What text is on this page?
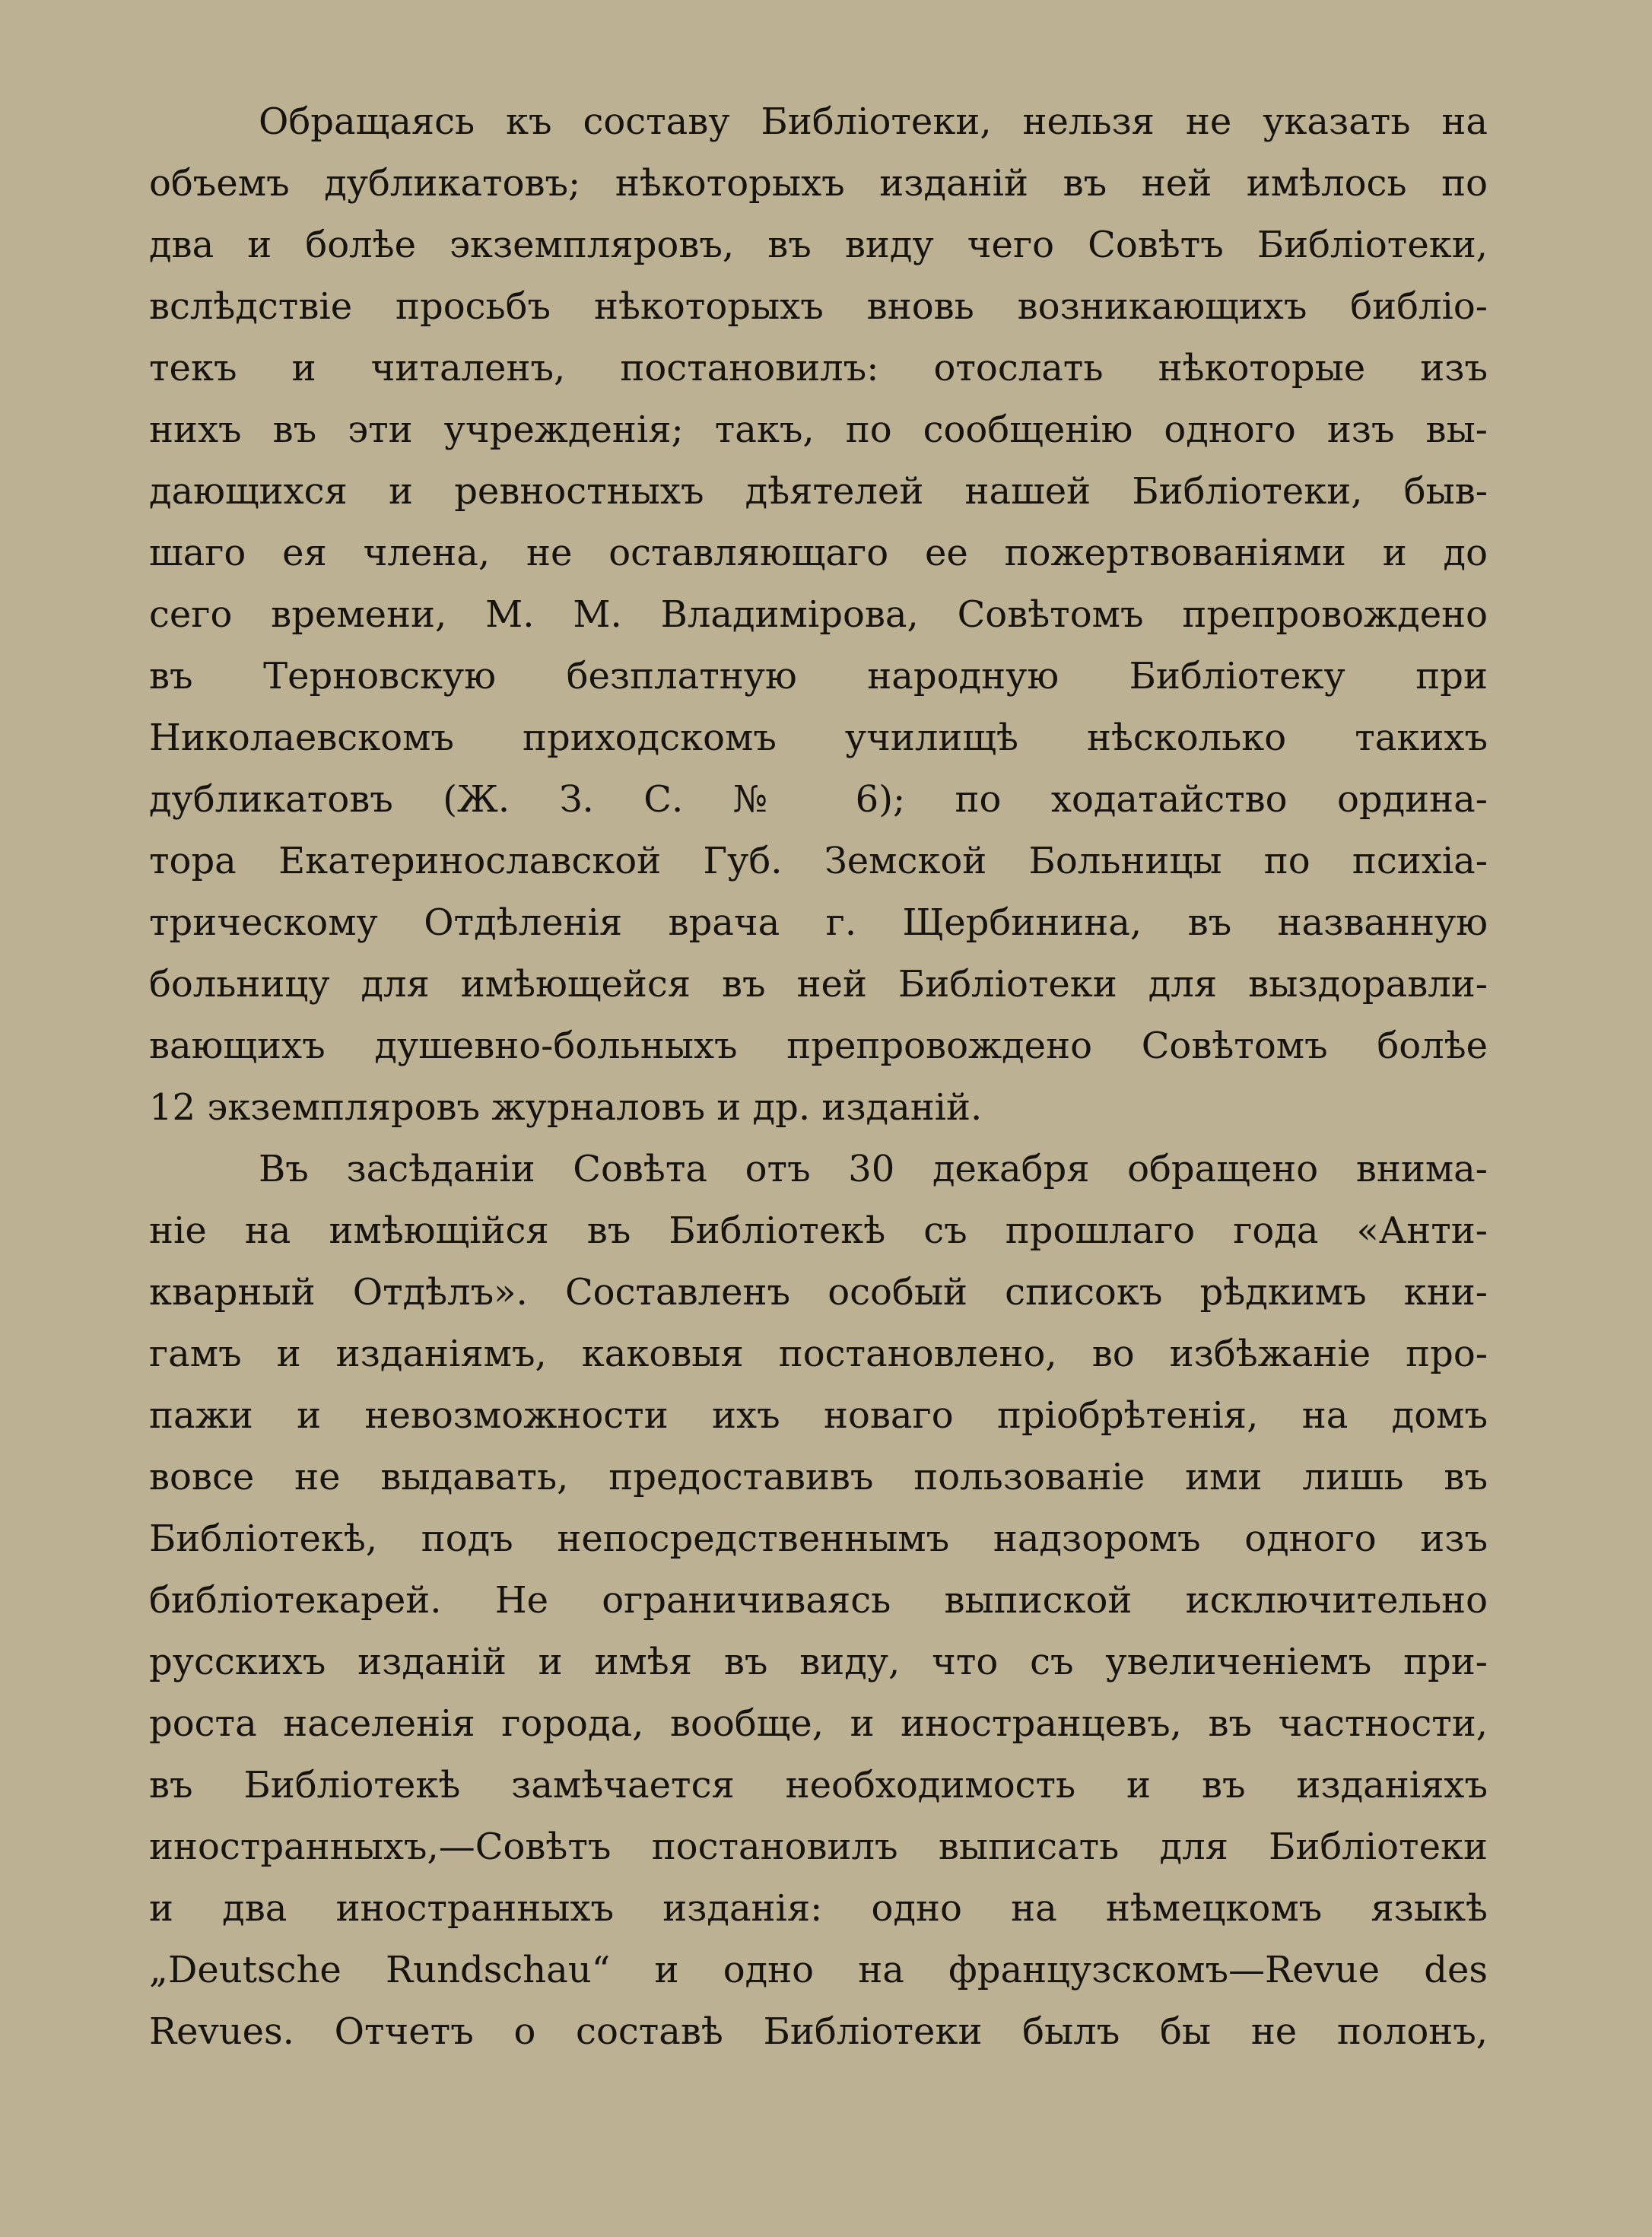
Обращаясь къ составу Библіотеки, нельзя не указать на
объемъ дубликатовъ; нѣкоторыхъ изданій въ ней имѣлось по
два и болѣе экземпляровъ, въ виду чего Совѣтъ Библіотеки,
вслѣдствіе просьбъ нѣкоторыхъ вновь возникающихъ библіо-
текъ и читаленъ, постановилъ: отослать нѣкоторые изъ
нихъ въ эти учрежденія; такъ, по сообщенію одного изъ вы-
дающихся и ревностныхъ дѣятелей нашей Библіотеки, быв-
шаго ея члена, не оставляющаго ее пожертвованіями и до
сего времени, М. М. Владимірова, Совѣтомъ препровождено
въ Терновскую безплатную народную Библіотеку при
Николаевскомъ приходскомъ училищѣ нѣсколько такихъ
дубликатовъ (Ж. З. С. № 6); по ходатайство ордина-
тора Екатеринославской Губ. Земской Больницы по психіа-
трическому Отдѣленія врача г. Щербинина, въ названную
больницу для имѣющейся въ ней Библіотеки для выздоравли-
вающихъ душевно-больныхъ препровождено Совѣтомъ болѣе
12 экземпляровъ журналовъ и др. изданій.
Въ засѣданіи Совѣта отъ 30 декабря обращено внима-
ніе на имѣющійся въ Библіотекѣ съ прошлаго года «Анти-
кварный Отдѣлъ». Составленъ особый списокъ рѣдкимъ кни-
гамъ и изданіямъ, каковыя постановлено, во избѣжаніе про-
пажи и невозможности ихъ новаго пріобрѣтенія, на домъ
вовсе не выдавать, предоставивъ пользованіе ими лишь въ
Библіотекѣ, подъ непосредственнымъ надзоромъ одного изъ
библіотекарей. Не ограничиваясь выпиской исключительно
русскихъ изданій и имѣя въ виду, что съ увеличеніемъ при-
роста населенія города, вообще, и иностранцевъ, въ частности,
въ Библіотекѣ замѣчается необходимость и въ изданіяхъ
иностранныхъ,—Совѣтъ постановилъ выписать для Библіотеки
и два иностранныхъ изданія: одно на нѣмецкомъ языкѣ
„Deutsche Rundschau“ и одно на французскомъ—Revue des
Revues. Отчетъ о составѣ Библіотеки былъ бы не полонъ,
